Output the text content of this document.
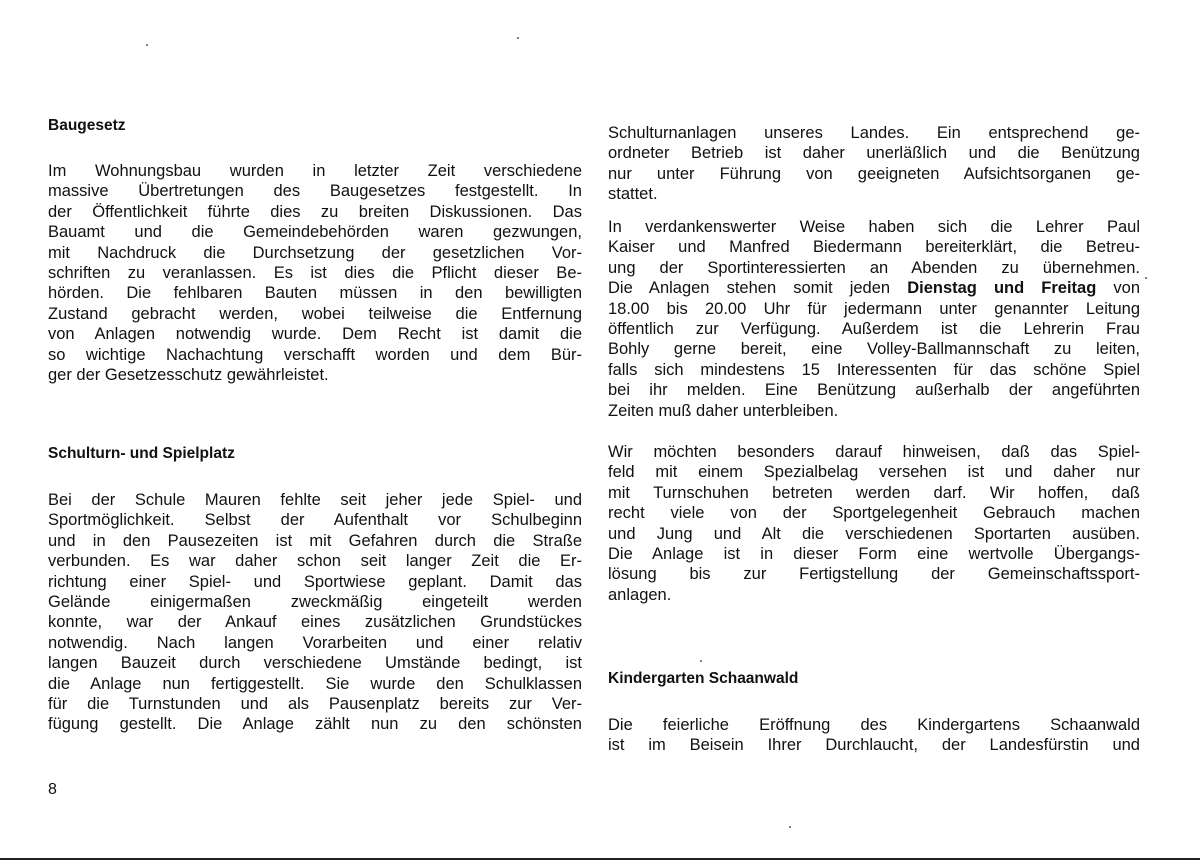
Baugesetz
Im Wohnungsbau wurden in letzter Zeit verschiedene
massive Übertretungen des Baugesetzes festgestellt. In
der Öffentlichkeit führte dies zu breiten Diskussionen. Das
Bauamt und die Gemeindebehörden waren gezwungen,
mit Nachdruck die Durchsetzung der gesetzlichen Vor-
schriften zu veranlassen. Es ist dies die Pflicht dieser Be-
hörden. Die fehlbaren Bauten müssen in den bewilligten
Zustand gebracht werden, wobei teilweise die Entfernung
von Anlagen notwendig wurde. Dem Recht ist damit die
so wichtige Nachachtung verschafft worden und dem Bür-
ger der Gesetzesschutz gewährleistet.
Schulturn- und Spielplatz
Bei der Schule Mauren fehlte seit jeher jede Spiel- und
Sportmöglichkeit. Selbst der Aufenthalt vor Schulbeginn
und in den Pausezeiten ist mit Gefahren durch die Straße
verbunden. Es war daher schon seit langer Zeit die Er-
richtung einer Spiel- und Sportwiese geplant. Damit das
Gelände einigermaßen zweckmäßig eingeteilt werden
konnte, war der Ankauf eines zusätzlichen Grundstückes
notwendig. Nach langen Vorarbeiten und einer relativ
langen Bauzeit durch verschiedene Umstände bedingt, ist
die Anlage nun fertiggestellt. Sie wurde den Schulklassen
für die Turnstunden und als Pausenplatz bereits zur Ver-
fügung gestellt. Die Anlage zählt nun zu den schönsten
Schulturnanlagen unseres Landes. Ein entsprechend ge-
ordneter Betrieb ist daher unerläßlich und die Benützung
nur unter Führung von geeigneten Aufsichtsorganen ge-
stattet.
In verdankenswerter Weise haben sich die Lehrer Paul
Kaiser und Manfred Biedermann bereiterklärt, die Betreu-
ung der Sportinteressierten an Abenden zu übernehmen.
Die Anlagen stehen somit jeden Dienstag und Freitag von
18.00 bis 20.00 Uhr für jedermann unter genannter Leitung
öffentlich zur Verfügung. Außerdem ist die Lehrerin Frau
Bohly gerne bereit, eine Volley-Ballmannschaft zu leiten,
falls sich mindestens 15 Interessenten für das schöne Spiel
bei ihr melden. Eine Benützung außerhalb der angeführten
Zeiten muß daher unterbleiben.
Wir möchten besonders darauf hinweisen, daß das Spiel-
feld mit einem Spezialbelag versehen ist und daher nur
mit Turnschuhen betreten werden darf. Wir hoffen, daß
recht viele von der Sportgelegenheit Gebrauch machen
und Jung und Alt die verschiedenen Sportarten ausüben.
Die Anlage ist in dieser Form eine wertvolle Übergangs-
lösung bis zur Fertigstellung der Gemeinschaftssport-
anlagen.
Kindergarten Schaanwald
Die feierliche Eröffnung des Kindergartens Schaanwald
ist im Beisein Ihrer Durchlaucht, der Landesfürstin und
8
